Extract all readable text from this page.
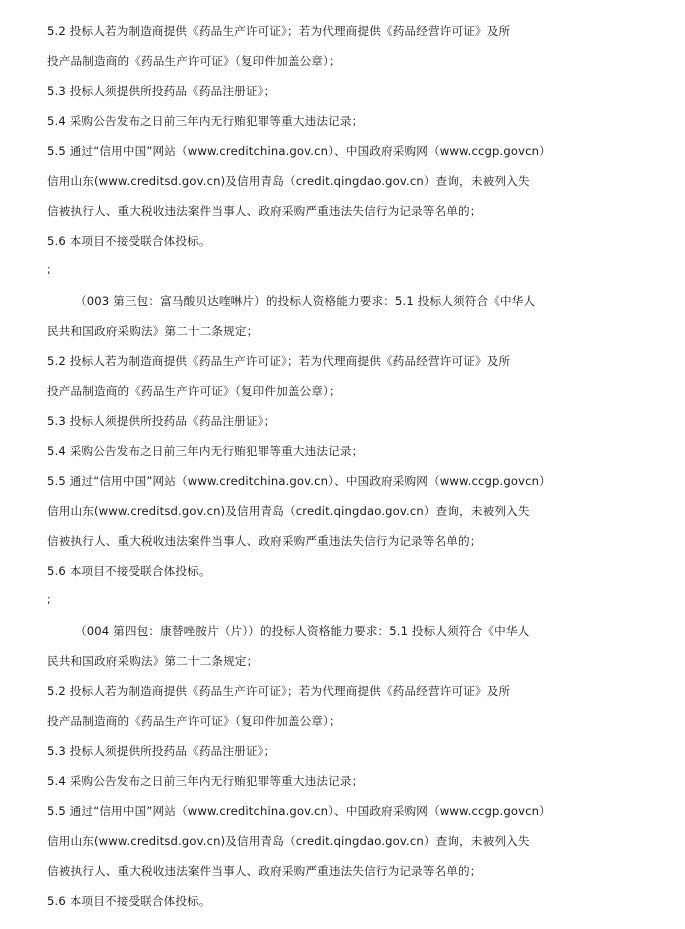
5.2 投标人若为制造商提供《药品生产许可证》；若为代理商提供《药品经营许可证》及所
投产品制造商的《药品生产许可证》（复印件加盖公章）；
5.3 投标人须提供所投药品《药品注册证》；
5.4 采购公告发布之日前三年内无行贿犯罪等重大违法记录；
5.5 通过“信用中国”网站（www.creditchina.gov.cn）、中国政府采购网（www.ccgp.govcn）
信用山东(www.creditsd.gov.cn)及信用青岛（credit.qingdao.gov.cn）查询，未被列入失
信被执行人、重大税收违法案件当事人、政府采购严重违法失信行为记录等名单的；
5.6 本项目不接受联合体投标。
;
（003 第三包：富马酸贝达喹啉片）的投标人资格能力要求：5.1 投标人须符合《中华人
民共和国政府采购法》第二十二条规定；
5.2 投标人若为制造商提供《药品生产许可证》；若为代理商提供《药品经营许可证》及所
投产品制造商的《药品生产许可证》（复印件加盖公章）；
5.3 投标人须提供所投药品《药品注册证》；
5.4 采购公告发布之日前三年内无行贿犯罪等重大违法记录；
5.5 通过“信用中国”网站（www.creditchina.gov.cn）、中国政府采购网（www.ccgp.govcn）
信用山东(www.creditsd.gov.cn)及信用青岛（credit.qingdao.gov.cn）查询，未被列入失
信被执行人、重大税收违法案件当事人、政府采购严重违法失信行为记录等名单的；
5.6 本项目不接受联合体投标。
;
（004 第四包：康替唑胺片（片））的投标人资格能力要求：5.1 投标人须符合《中华人
民共和国政府采购法》第二十二条规定；
5.2 投标人若为制造商提供《药品生产许可证》；若为代理商提供《药品经营许可证》及所
投产品制造商的《药品生产许可证》（复印件加盖公章）；
5.3 投标人须提供所投药品《药品注册证》；
5.4 采购公告发布之日前三年内无行贿犯罪等重大违法记录；
5.5 通过“信用中国”网站（www.creditchina.gov.cn）、中国政府采购网（www.ccgp.govcn）
信用山东(www.creditsd.gov.cn)及信用青岛（credit.qingdao.gov.cn）查询，未被列入失
信被执行人、重大税收违法案件当事人、政府采购严重违法失信行为记录等名单的；
5.6 本项目不接受联合体投标。
